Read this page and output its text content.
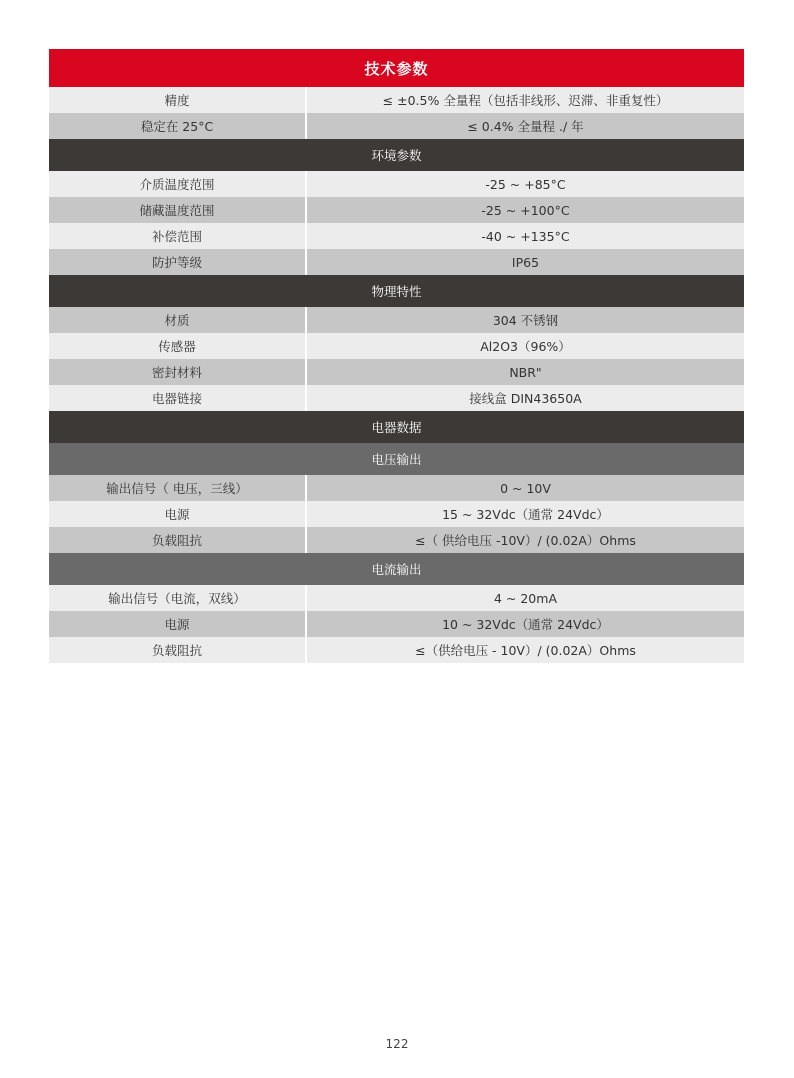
技术参数
精度	≤ ±0.5% 全量程（包括非线形、迟滞、非重复性）
稳定在 25°C	≤ 0.4% 全量程 ./ 年
环境参数
介质温度范围	-25 ~ +85°C
储藏温度范围	-25 ~ +100°C
补偿范围	-40 ~ +135°C
防护等级	IP65
物理特性
材质	304 不锈钢
传感器	Al2O3（96%）
密封材料	NBR"
电器链接	接线盒 DIN43650A
电器数据
电压输出
输出信号（ 电压，三线）	0 ~ 10V
电源	15 ~ 32Vdc（通常 24Vdc）
负载阻抗	≤（ 供给电压 -10V）/ (0.02A）Ohms
电流输出
输出信号（电流，双线）	4 ~ 20mA
电源	10 ~ 32Vdc（通常 24Vdc）
负载阻抗	≤（供给电压 - 10V）/ (0.02A）Ohms
122
